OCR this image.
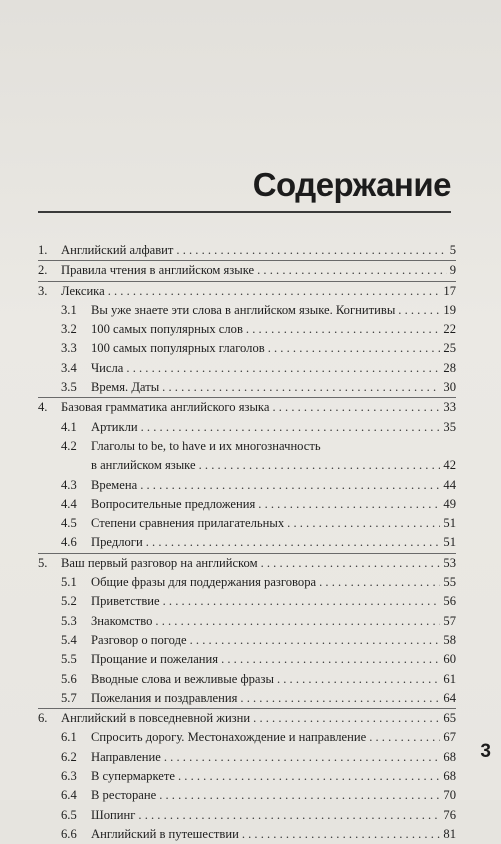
Содержание
1.	Английский алфавит . . .	5
2.	Правила чтения в английском языке . . .	9
3.	Лексика . . .	17
3.1	Вы уже знаете эти слова в английском языке. Когнитивы . . .	19
3.2	100 самых популярных слов . . .	22
3.3	100 самых популярных глаголов . . .	25
3.4	Числа . . .	28
3.5	Время. Даты . . .	30
4.	Базовая грамматика английского языка . . .	33
4.1	Артикли . . .	35
4.2	Глаголы to be, to have и их многозначность
в английском языке . . .	42
4.3	Времена . . .	44
4.4	Вопросительные предложения . . .	49
4.5	Степени сравнения прилагательных . . .	51
4.6	Предлоги . . .	51
5.	Ваш первый разговор на английском . . .	53
5.1	Общие фразы для поддержания разговора . . .	55
5.2	Приветствие . . .	56
5.3	Знакомство . . .	57
5.4	Разговор о погоде . . .	58
5.5	Прощание и пожелания . . .	60
5.6	Вводные слова и вежливые фразы . . .	61
5.7	Пожелания и поздравления . . .	64
6.	Английский в повседневной жизни . . .	65
6.1	Спросить дорогу. Местонахождение и направление . . .	67
6.2	Направление . . .	68
6.3	В супермаркете . . .	68
6.4	В ресторане . . .	70
6.5	Шопинг . . .	76
6.6	Английский в путешествии . . .	81
3
